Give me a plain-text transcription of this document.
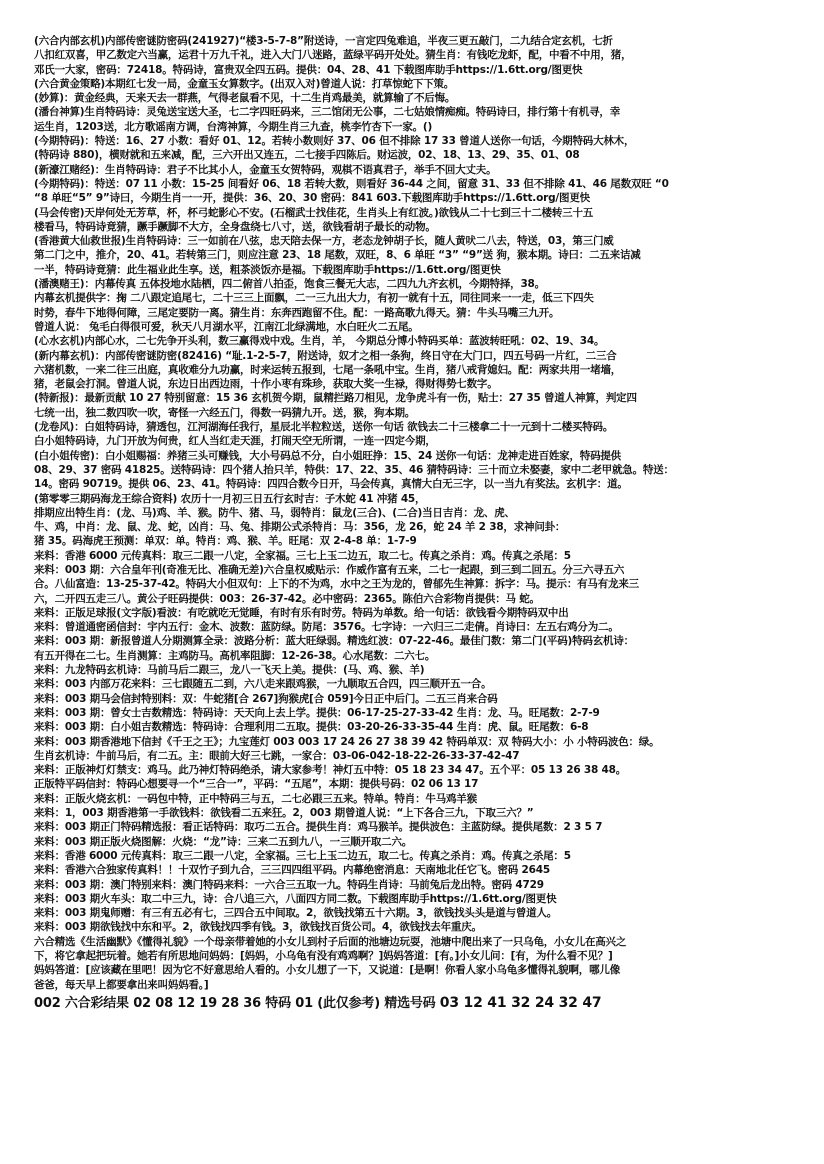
(六合内部玄机)内部传密谜防密码(241927)“楼3-5-7-8”附送诗，一言定四兔难追，半夜三更五敲门，二九结合定玄机，七折
八扣红双喜，甲乙数定六当赢，运君十万九千礼，进入大门八迷路，蓝绿平码开处处。猜生肖：有钱吃龙虾，配，中看不中用，猪，
邓氏一大家，密码：72418。特码诗，富贵双全四五码。提供：04、28、41 下载图库助手https://1.6tt.org/图更快
(六合黄金策略)本期红七发一局，金童玉女算数字。(出双入对)曾道人说：打草惊蛇下下策。
(妙算)：黄金经典，天来天去一群燕，气得老鼠看不见，十二生肖鸡最美，就算输了不后悔。
(潘台神算)生肖特码诗：灵兔送宝送大圣，七二字四旺码来，三二馆闭无公事，二七姑娘情痴痴。特码诗曰，排行第十有机寻，幸
运生肖，1203送，北方歌谣南方调，台湾神算，今期生肖三九查，桃李竹杏下一家。()
(今期特码)：特送：16、27 小数：看好 01、12。若转小数则好 37、06 但不排除 17 33 曾道人送你一句话，今期特码大林木，
(特码诗 880)，横财就和五来减，配，三六开出又连五，二七接手四陈后。财运波，02、18、13、29、35、01、08
(新濠江赌经)：生肖特码诗：君子不比其小人，金童玉女贺特码，观棋不语真君子，举手不回大丈夫。
(今期特码)：特送：07 11 小数：15-25 间看好 06、18 若转大数，则看好 36-44 之间，留意 31、33 但不排除 41、46 尾数双旺 “0
“8 单旺“5” 9”诗曰，今期生肖一一开，提供：36、20、30 密码：841 603.下载图库助手https://1.6tt.org/图更快
(马会传密)天岸何处无芳草，杯，杯弓蛇影心不安。(石榴武士找佳花，生肖头上有红波。)欲钱从二十七到三十二楼转三十五
楼看马，特码诗竟猜，蹶手蹶脚不大方，全身盘绕七八寸，送，欲钱看胡子最长的动物。
(香港黄大仙救世报)生肖特码诗：三一如前在八弦，忠天陪去保一方，老态龙钟胡子长，随人黄吠二八去，特送，03，第三门威
第二门之中，推介，20、41。若转第三门，则应注意 23、18 尾数，双旺，8、6 单旺 “3” “9”送 狗，猴本期。诗曰：二五来诘减
一半，特码诗竟猜：此生福业此生享。送，粗茶淡饭亦是福。下载图库助手https://1.6tt.org/图更快
(潘澳赌王)：内幕传真 五体投地水陆栖，四二俯首八拍歪，饱食三餐无大志，二四九九齐玄机，今期特择，38。
内幕玄机提供字：掬 二八跟定追尾七，二十三三上面飘，二一三九出大力，有初一就有十五，同往同来一一走，低三下四失
时势，春牛下地得何障，三尾定要防一离。猜生肖：东奔西跑留不住。配：一路高歌九得天。猜：牛头马嘴三九开。
曾道人说： 兔毛白得很可爱，秋天八月湖水平，江南江北绿满地，水白旺火二五尾。
(心水玄机)内部心水，二七先争开头利，数三赢得戏中戏。生肖，羊， 今期总分博小特码买单：蓝波转旺吼：02、19、34。
(新内幕玄机)：内部传密谜防密(82416) “耻.1-2-5-7，附送诗，奴才之相一条狗，终日守在大门口，四五号码一片红，二三合
六猪机数，一来二往三出庭，真收难分九功赢，时来运转五报到，七尾一条吼中宝。生肖，猪八戒背媳妇。配：两家共用一堵墙，
猪，老鼠会打洞。曾道人说，东边日出西边雨，十作小枣有珠珍，获取大奖一生禄，得财得势七数字。
(特新报)：最新贡献 10 27 特别留意：15 36 玄机贺今期，鼠精拦路刀相见，龙争虎斗有一伤，贴士：27 35 曾道人神算，判定四
七统一出，独二数四吹一吹，寄怪一六经五门，得数一码猜九开。送，猴，狗本期。
(龙卷风)：白姐特码诗，猜透包，江河湖海任我行，星辰北半粒粒送，送你一句话 欲钱去二十三楼拿二十一元到十二楼买特码。
白小姐特码诗，九门开放为何贵，红人当红走天涯，打闹天空无所谓，一连一四定今期，
(白小姐传密)：白小姐赐福：养猪三头可赚钱，大小号码总不分，白小姐旺挣：15、24 送你一句话：龙神走进百姓家，特码提供
08、29、37 密码 41825。送特码诗：四个猪人抬只羊，特供：17、22、35、46 猜特码诗：三十而立未娶妻，家中二老甲就急。特送：
14。密码 90719。提供 06、23、41。特码诗：四四合数今日开，马会传真，真情大白无三字，以一当九有奖法。玄机字：道。
(第零零三期码海龙王综合资料) 农历十一月初三日五行玄时吉：子木蛇 41 冲猪 45，
排期应出特生肖：(龙、马)鸡、羊、猴。防牛、猪、马，弱特肖：鼠龙(三合)、(二合)当日吉肖：龙、虎、
牛、鸡，中肖：龙、鼠、龙、蛇，凶肖：马、兔、排期公式杀特肖：马：356，龙 26，蛇 24 羊 2 38，求神问卦：
猪 35。码海虎王预测：单双：单。特肖：鸡、猴、羊。旺尾：双 2-4-8 单：1-7-9
来料：香港 6000 元传真料：取三二跟一八定，全家福。三七上玉二边五，取二七。传真之杀肖：鸡。传真之杀尾：5
来料：003 期：六合皇年刊(奇准无比、准确无差)六合皇权威贴示：作威作富有五来，二七一起跟，到三到二回五。分三六寻五六
合。八仙富造：13-25-37-42。特码大小但双句：上下的不为鸡，水中之王为龙的，曾郁先生神算：拆字：马。提示：有马有龙来三
六，二开四五走三八。黄公子旺码提供：003：26-37-42。必中密码：2365。陈伯六合彩物肖提供：马 蛇。
来料：正版足球报(文字版)看波：有吃就吃无觉睡，有时有乐有时劳。特码为单数。给一句话：欲钱看今期特码双中出
来料：曾道通密函信封：宇内五行：金木、波数：蓝防绿。防尾：3576。七字诗：一六归三二走倩。肖诗曰：左五右鸡分为二。
来料：003 期：新报曾道人分期测算全录：波路分析：蓝大旺绿弱。精选红波：07-22-46。最佳门数：第二门(平码)特码玄机诗：
有五开得在二七。生肖测算：主鸡防马。高机率阻脚：12-26-38。心水尾数：二六七。
来料：九龙特码玄机诗：马前马后二跟三，龙八一飞天上美。提供：(马、鸡、猴、羊)
来料：003 内部万花来料：三七跟随五二到，六八走来跟鸡猴，一九顺取五合四，四三顺开五一合。
来料：003 期马会信封特别料：双：牛蛇猪[合 267]狗猴虎[合 059]今日正中后门。二五三肖来合码
来料：003 期：曾女士吉数精选：特码诗：天天向上去上学。提供：06-17-25-27-33-42 生肖：龙、马。旺尾数：2-7-9
来料：003 期：白小姐吉数精选：特码诗：合理利用二五取。提供：03-20-26-33-35-44 生肖：虎、鼠。旺尾数：6-8
来料：003 期香港地下信封《千王之王》；九宝莲灯 003 003 17 24 26 27 38 39 42 特码单双：双 特码大小：小 小特码波色：绿。
生肖玄机诗：牛前马后，有二五。主：眼前大好三七跳，一家合：03-06-042-18-22-26-33-37-42-47
来料：正版神灯灯禁支：鸡马。此乃神灯特码绝杀，请大家参考！神灯五中特：05 18 23 34 47。五个平：05 13 26 38 48。
正版特平码信封：特码心想要寻一个“三合一”，平码：“五尾”，本期：提供号码：02 06 13 17
来料：正版火烧玄机：一码包中特，正中特码三与五，二七必跟三五来。特单。特肖：牛马鸡羊猴
来料：1，003 期香港第一手欲钱料：欲钱看二五来狂。2，003 期曾道人说：“上下各合三九，下取三六？”
来料：003 期正门特码精选报：看正话特码：取巧二五合。提供生肖：鸡马猴羊。提供波色：主蓝防绿。提供尾数：2 3 5 7
来料：003 期正版火烧图解：火烧：“龙”诗：三来二五到九八，一三顺开取二六。
来料：香港 6000 元传真料：取三二跟一八定，全家福。三七上玉二边五，取二七。传真之杀肖：鸡。传真之杀尾：5
来料：香港六合独家传真料！！十双竹子到九合，三三四四组平码。内幕绝密消息：天南地北任它飞。密码 2645
来料：003 期：澳门特别来料：澳门特码来料：一六合三五取一九。特码生肖诗：马前兔后龙出特。密码 4729
来料：003 期火车头：取二中三九，诗：合八追三六，八面四方同二数。下载图库助手https://1.6tt.org/图更快
来料：003 期鬼师赠：有三有五必有七，三四合五中间取。2，欲钱找第五十六期。3，欲钱找头头是道与曾道人。
来料：003 期欲钱找中东和平。2，欲钱找四季有钱。3，欲钱找百货公司。4，欲钱找去年重庆。
六合精选《生活幽默》《懂得礼貌》一个母亲带着她的小女儿到村子后面的池塘边玩耍，池塘中爬出来了一只乌龟，小女儿在高兴之
下，将它拿起把玩着。她若有所思地问妈妈：[妈妈，小乌龟有没有鸡鸡啊？]妈妈答道：[有。]小女儿问：[有，为什么看不见？]
妈妈答道：[应该藏在里吧！因为它不好意思给人看的。小女儿想了一下，又说道：[是啊！你看人家小乌龟多懂得礼貌啊，哪儿像
爸爸，每天早上都要拿出来叫妈妈看。]
002 六合彩结果 02 08 12 19 28 36 特码 01 (此仅参考) 精选号码 03 12 41 32 24 32 47
